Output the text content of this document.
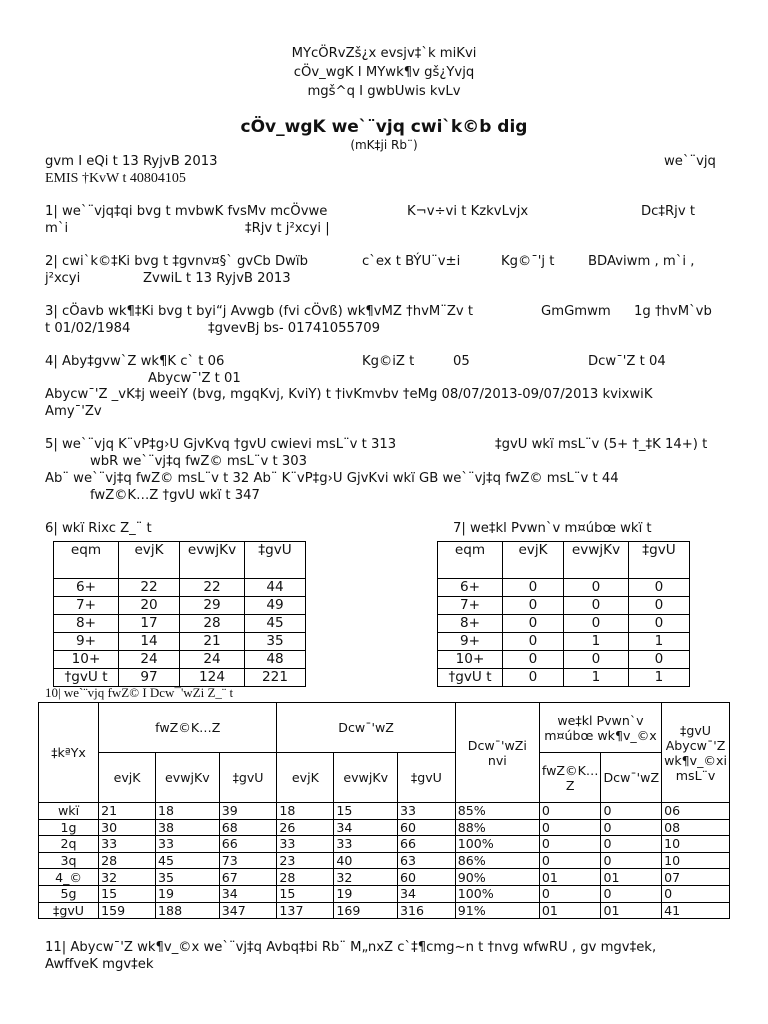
MYcÖRvZš¿x evsjv‡`k miKvi
cÖv_wgK I MYwk¶v gš¿Yvjq
mgš^q I gwbUwis kvLv
cÖv_wgK we`¨vjq cwi`k©b dig
(mK‡ji Rb¨)
gvm I eQi t 13 RyjvB 2013	we`¨vjq
EMIS †KvW t 40804105
1| we`¨vjq‡qi bvg t mvbwK fvsMv mcÖvwe	K¬v÷vi t KzkvLvjx	Dc‡Rjv t
m`i	‡Rjv t j²xcyi |
2| cwi`k©‡Ki bvg t ‡gvnv¤§` gvCb Dwïb	c`ex t BÝU¨v±i	Kg©¯'j t	BDAviwm , m`i ,
j²xcyi	ZvwiL t 13 RyjvB 2013
3| cÖavb wk¶‡Ki bvg t byi“j Avwgb (fvi cÖvß) wk¶vMZ †hvM¨Zv t	GmGmwm 1g †hvM`vb
t 01/02/1984	‡gvevBj bs- 01741055709
4| Aby‡gvw`Z wk¶K c` t 06	Kg©iZ t	05	Dcw¯'Z t 04
Abycw¯'Z t 01
Abycw¯'Z _vK‡j weeiY (bvg, mgqKvj, KviY) t †ivKmvbv †eMg 08/07/2013-09/07/2013 kvixwiK
Amy¯'Zv
5| we`¨vjq K¨vP‡g›U GjvKvq †gvU cwievi msL¨v t 313	‡gvU wkï msL¨v (5+ †_‡K 14+) t
wbR we`¨vj‡q fwZ© msL¨v t 303
Ab¨ we`¨vj‡q fwZ© msL¨v t 32 Ab¨ K¨vP‡g›U GjvKvi wkï GB we`¨vj‡q fwZ© msL¨v t 44
fwZ©K…Z †gvU wkï t 347
6| wkï Rixc Z_¨ t	7| we‡kl Pvwn`v m¤úbœ wkï t
eqm	evjK	evwjKv	‡gvU
6+	22	22	44
7+	20	29	49
8+	17	28	45
9+	14	21	35
10+	24	24	48
†gvU t	97	124	221
eqm	evjK	evwjKv	‡gvU
6+	0	0	0
7+	0	0	0
8+	0	0	0
9+	0	1	1
10+	0	0	0
†gvU t	0	1	1
10| we`¨vjq fwZ© I Dcw¯'wZi Z_¨ t
‡kªYx	fwZ©K…Z			Dcw¯'wZ			Dcw¯'wZi nvi	we‡kl Pvwn`v m¤úbœ wk¶v_©x		‡gvU Abycw¯'Z wk¶v_©xi msL¨v
	evjK	evwjKv	‡gvU	evjK	evwjKv	‡gvU		fwZ©K…Z	Dcw¯'wZ	
wkï	21	18	39	18	15	33	85%	0	0	06
1g	30	38	68	26	34	60	88%	0	0	08
2q	33	33	66	33	33	66	100%	0	0	10
3q	28	45	73	23	40	63	86%	0	0	10
4_©	32	35	67	28	32	60	90%	01	01	07
5g	15	19	34	15	19	34	100%	0	0	0
‡gvU	159	188	347	137	169	316	91%	01	01	41
11| Abycw¯'Z wk¶v_©x we`¨vj‡q Avbq‡bi Rb¨ M„nxZ c`‡¶cmg~n t †nvg wfwRU , gv mgv‡ek,
AwffveK mgv‡ek
